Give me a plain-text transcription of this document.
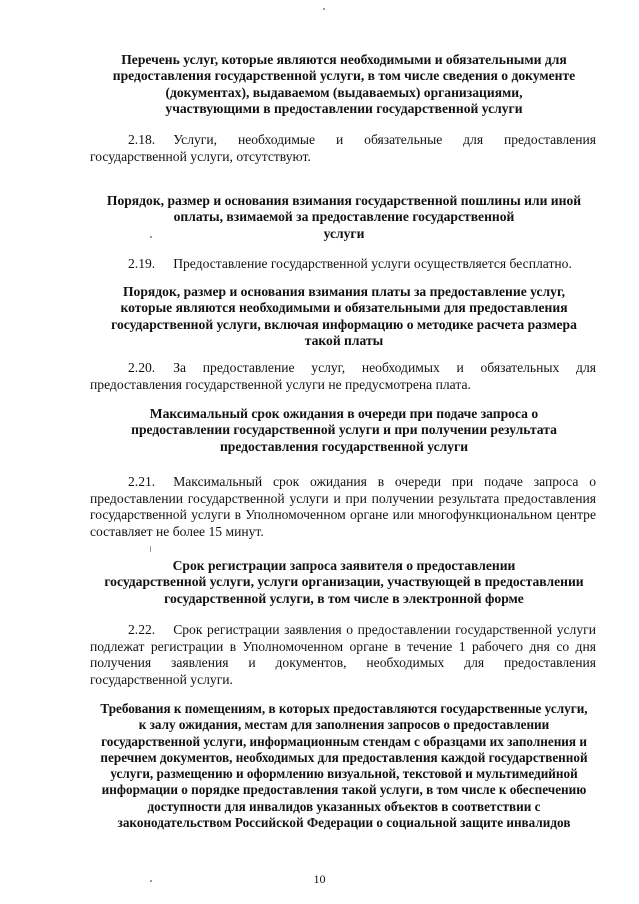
Перечень услуг, которые являются необходимыми и обязательными для
предоставления государственной услуги, в том числе сведения о документе
(документах), выдаваемом (выдаваемых) организациями,
участвующими в предоставлении государственной услуги

2.18. Услуги, необходимые и обязательные для предоставления государственной услуги, отсутствуют.

Порядок, размер и основания взимания государственной пошлины или иной
оплаты, взимаемой за предоставление государственной
услуги

2.19. Предоставление государственной услуги осуществляется бесплатно.

Порядок, размер и основания взимания платы за предоставление услуг,
которые являются необходимыми и обязательными для предоставления
государственной услуги, включая информацию о методике расчета размера
такой платы

2.20. За предоставление услуг, необходимых и обязательных для предоставления государственной услуги не предусмотрена плата.

Максимальный срок ожидания в очереди при подаче запроса о
предоставлении государственной услуги и при получении результата
предоставления государственной услуги

2.21. Максимальный срок ожидания в очереди при подаче запроса о предоставлении государственной услуги и при получении результата предоставления государственной услуги в Уполномоченном органе или многофункциональном центре составляет не более 15 минут.

Срок регистрации запроса заявителя о предоставлении
государственной услуги, услуги организации, участвующей в предоставлении
государственной услуги, в том числе в электронной форме

2.22. Срок регистрации заявления о предоставлении государственной услуги подлежат регистрации в Уполномоченном органе в течение 1 рабочего дня со дня получения заявления и документов, необходимых для предоставления государственной услуги.

Требования к помещениям, в которых предоставляются государственные услуги,
к залу ожидания, местам для заполнения запросов о предоставлении
государственной услуги, информационным стендам с образцами их заполнения и
перечнем документов, необходимых для предоставления каждой государственной
услуги, размещению и оформлению визуальной, текстовой и мультимедийной
информации о порядке предоставления такой услуги, в том числе к обеспечению
доступности для инвалидов указанных объектов в соответствии с
законодательством Российской Федерации о социальной защите инвалидов
10
